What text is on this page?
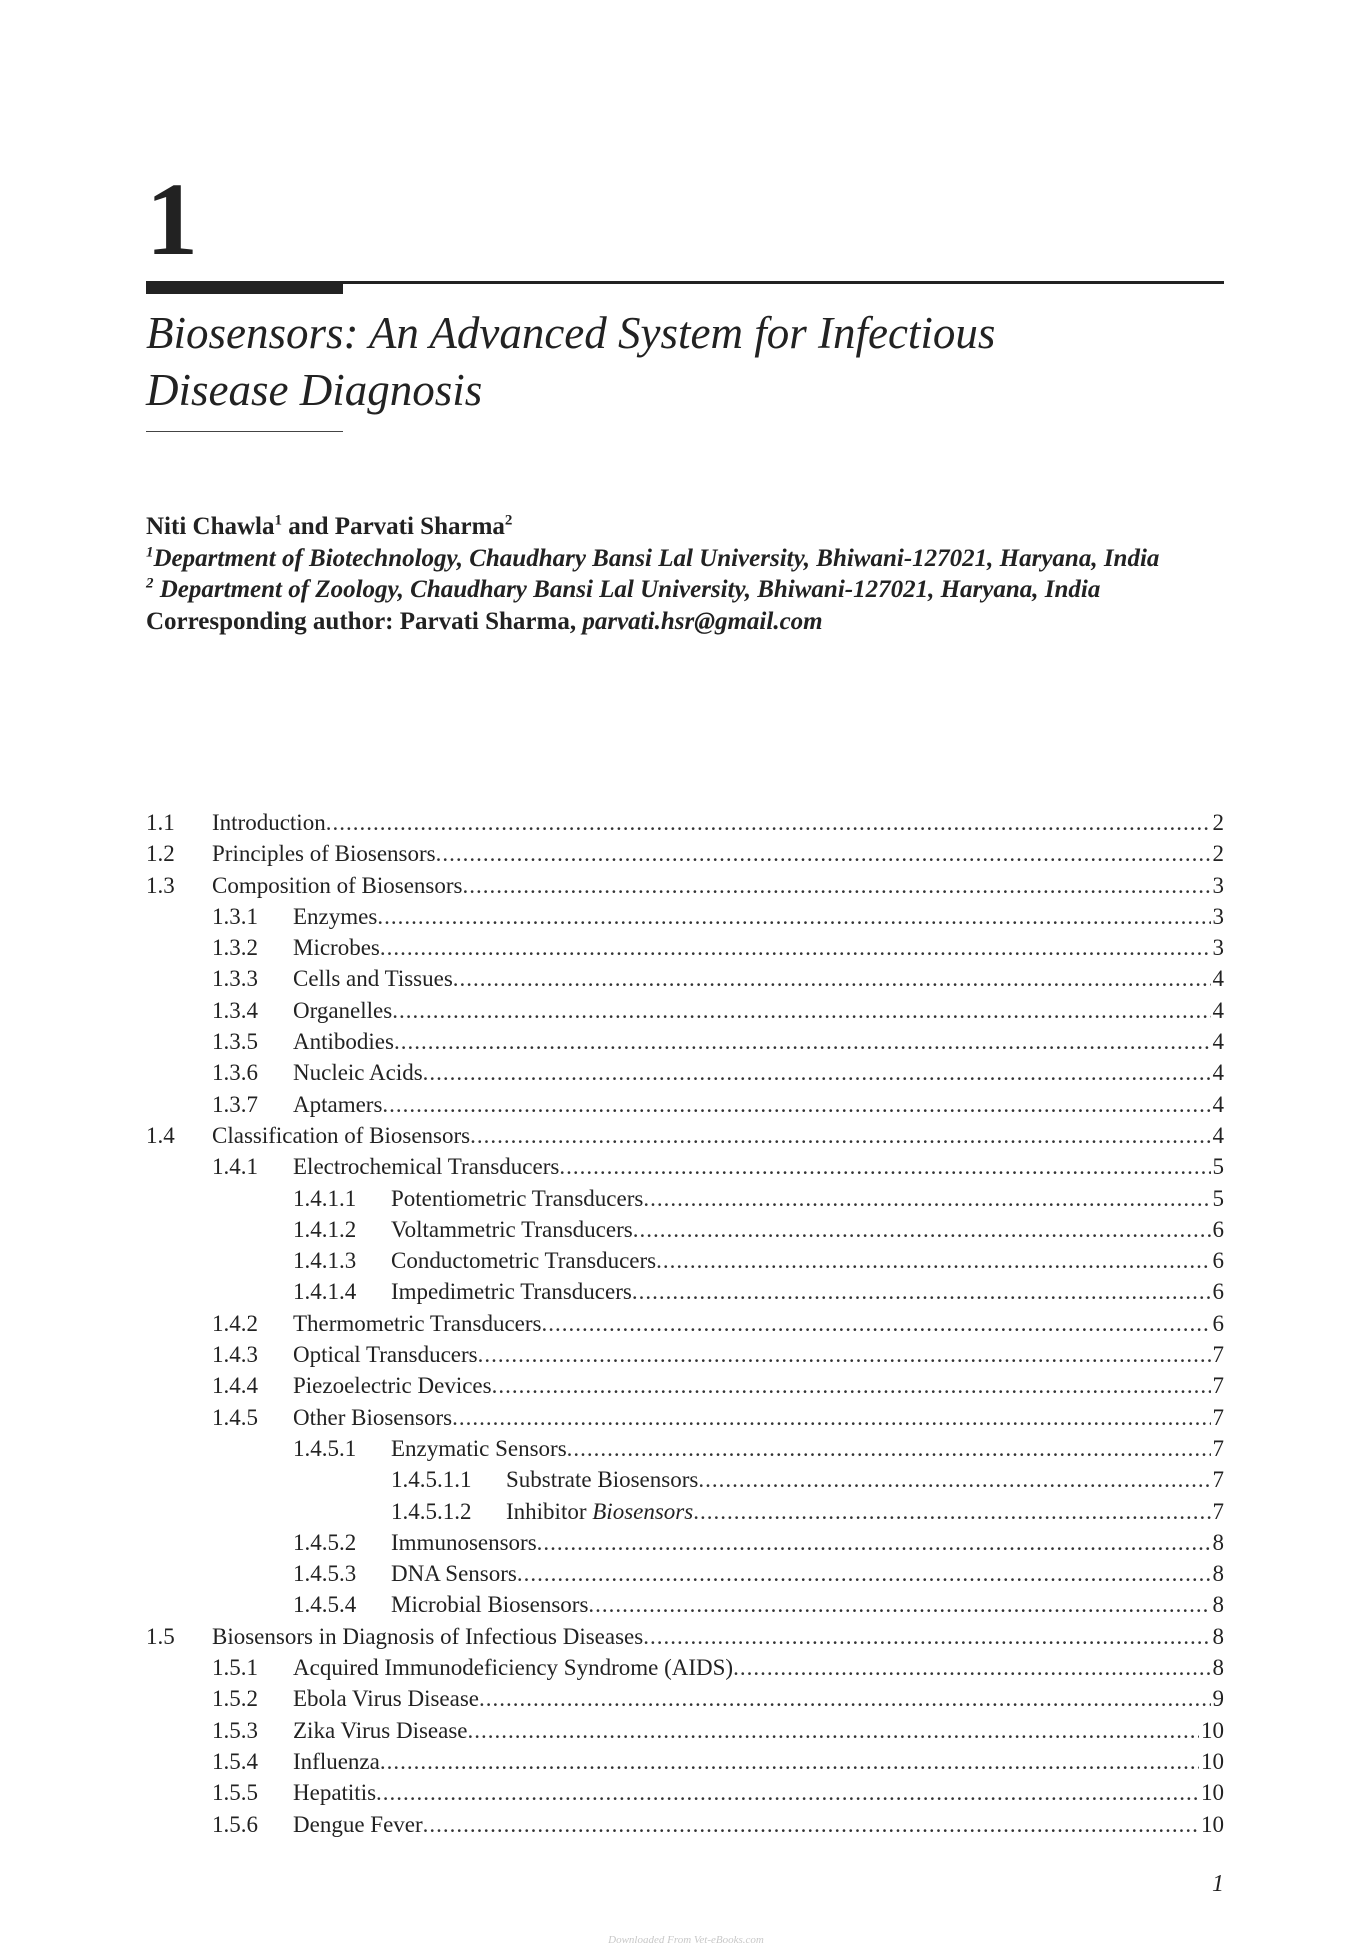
1
Biosensors: An Advanced System for Infectious
Disease Diagnosis
Niti Chawla$^1$ and Parvati Sharma$^2$
$^1$Department of Biotechnology, Chaudhary Bansi Lal University, Bhiwani-127021, Haryana, India
$^2$ Department of Zoology, Chaudhary Bansi Lal University, Bhiwani-127021, Haryana, India
Corresponding author: Parvati Sharma, parvati.hsr@gmail.com
1.1 Introduction .....	2
1.2 Principles of Biosensors .....	2
1.3 Composition of Biosensors .....	3
1.3.1 Enzymes .....	3
1.3.2 Microbes .....	3
1.3.3 Cells and Tissues .....	4
1.3.4 Organelles .....	4
1.3.5 Antibodies .....	4
1.3.6 Nucleic Acids .....	4
1.3.7 Aptamers .....	4
1.4 Classification of Biosensors .....	4
1.4.1 Electrochemical Transducers .....	5
1.4.1.1 Potentiometric Transducers .....	5
1.4.1.2 Voltammetric Transducers .....	6
1.4.1.3 Conductometric Transducers .....	6
1.4.1.4 Impedimetric Transducers .....	6
1.4.2 Thermometric Transducers .....	6
1.4.3 Optical Transducers .....	7
1.4.4 Piezoelectric Devices .....	7
1.4.5 Other Biosensors .....	7
1.4.5.1 Enzymatic Sensors .....	7
1.4.5.1.1 Substrate Biosensors .....	7
1.4.5.1.2 Inhibitor Biosensors .....	7
1.4.5.2 Immunosensors .....	8
1.4.5.3 DNA Sensors .....	8
1.4.5.4 Microbial Biosensors .....	8
1.5 Biosensors in Diagnosis of Infectious Diseases .....	8
1.5.1 Acquired Immunodeficiency Syndrome (AIDS) .....	8
1.5.2 Ebola Virus Disease .....	9
1.5.3 Zika Virus Disease .....	10
1.5.4 Influenza .....	10
1.5.5 Hepatitis .....	10
1.5.6 Dengue Fever .....	10
1
Downloaded From Vet-eBooks.com
